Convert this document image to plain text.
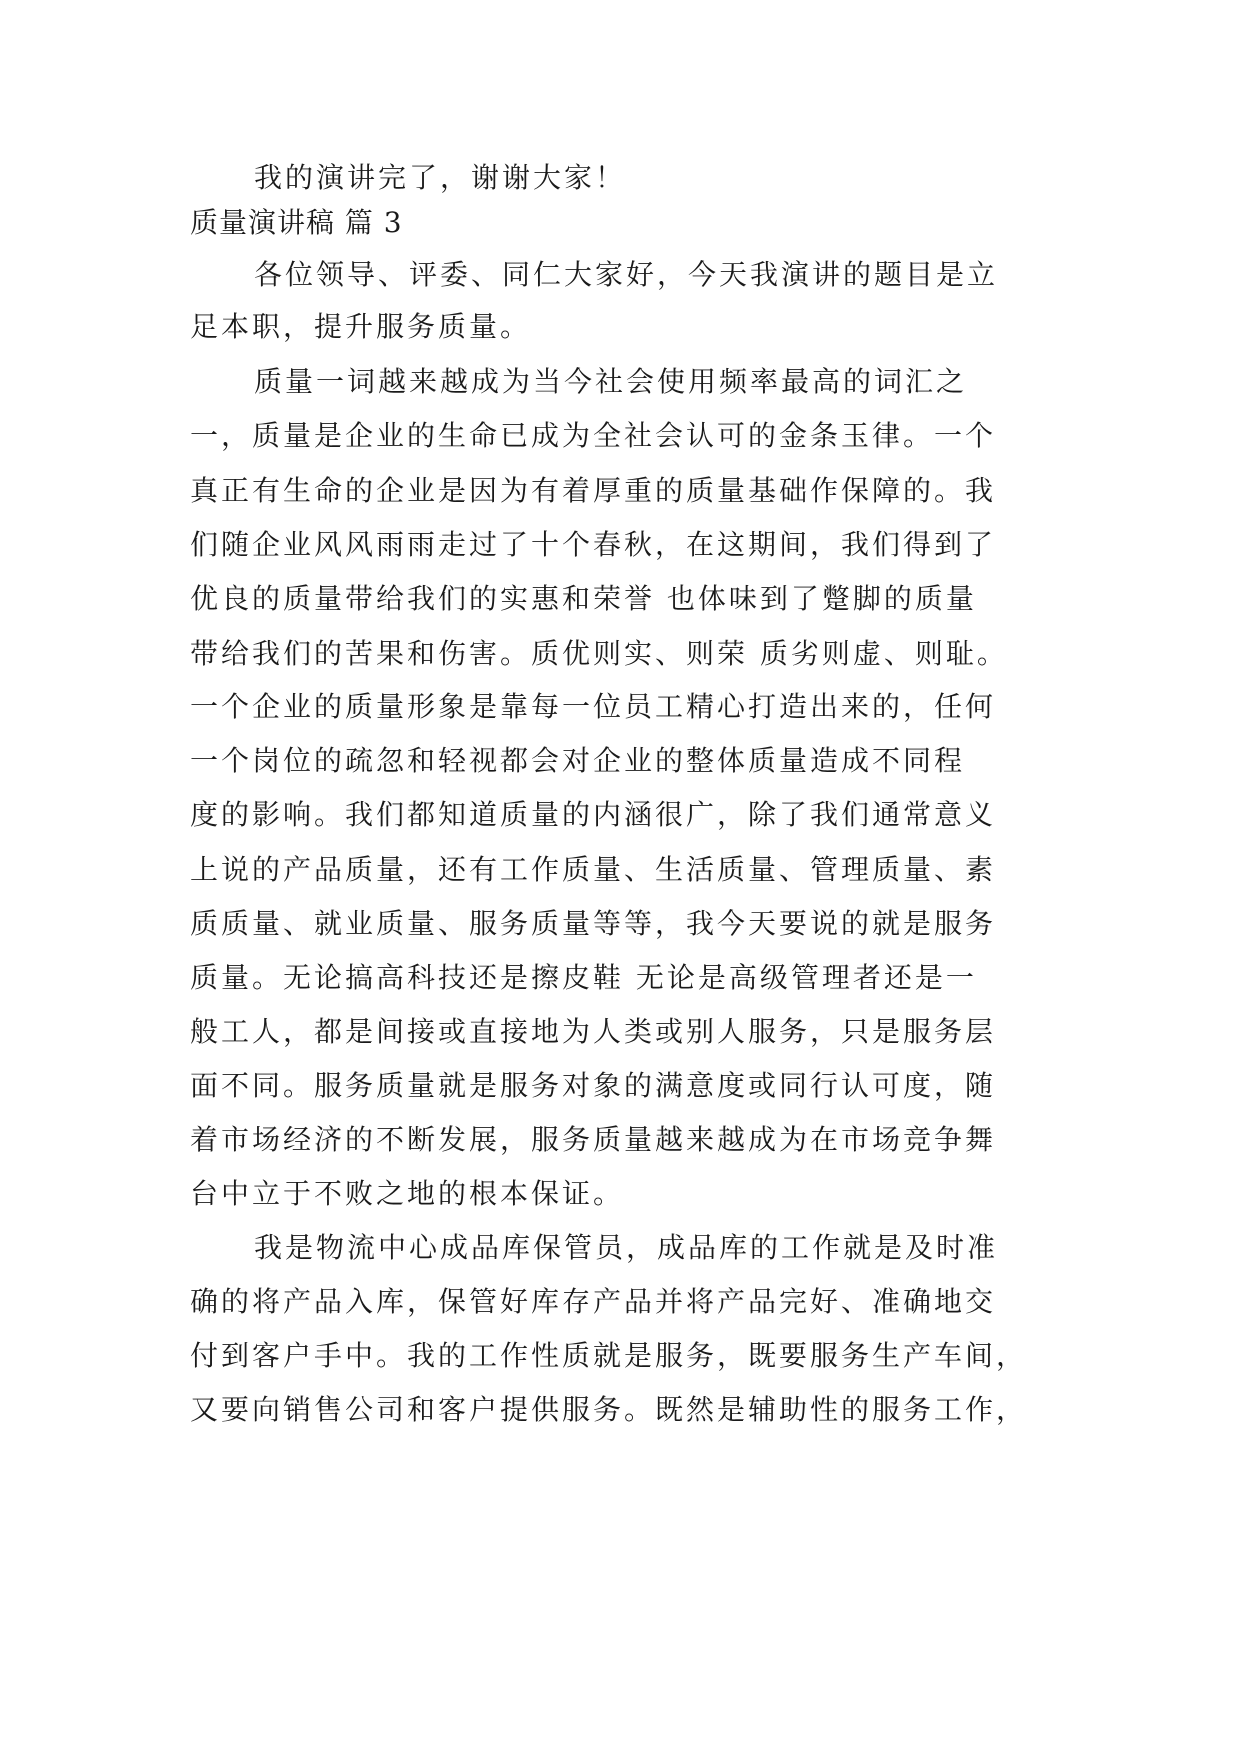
我的演讲完了，谢谢大家！
质量演讲稿 篇 3
各位领导、评委、同仁大家好，今天我演讲的题目是立
足本职，提升服务质量。
质量一词越来越成为当今社会使用频率最高的词汇之
一，质量是企业的生命已成为全社会认可的金条玉律。一个
真正有生命的企业是因为有着厚重的质量基础作保障的。我
们随企业风风雨雨走过了十个春秋，在这期间，我们得到了
优良的质量带给我们的实惠和荣誉 也体味到了蹩脚的质量
带给我们的苦果和伤害。质优则实、则荣 质劣则虚、则耻。
一个企业的质量形象是靠每一位员工精心打造出来的，任何
一个岗位的疏忽和轻视都会对企业的整体质量造成不同程
度的影响。我们都知道质量的内涵很广，除了我们通常意义
上说的产品质量，还有工作质量、生活质量、管理质量、素
质质量、就业质量、服务质量等等，我今天要说的就是服务
质量。无论搞高科技还是擦皮鞋 无论是高级管理者还是一
般工人，都是间接或直接地为人类或别人服务，只是服务层
面不同。服务质量就是服务对象的满意度或同行认可度，随
着市场经济的不断发展，服务质量越来越成为在市场竞争舞
台中立于不败之地的根本保证。
我是物流中心成品库保管员，成品库的工作就是及时准
确的将产品入库，保管好库存产品并将产品完好、准确地交
付到客户手中。我的工作性质就是服务，既要服务生产车间，
又要向销售公司和客户提供服务。既然是辅助性的服务工作，
